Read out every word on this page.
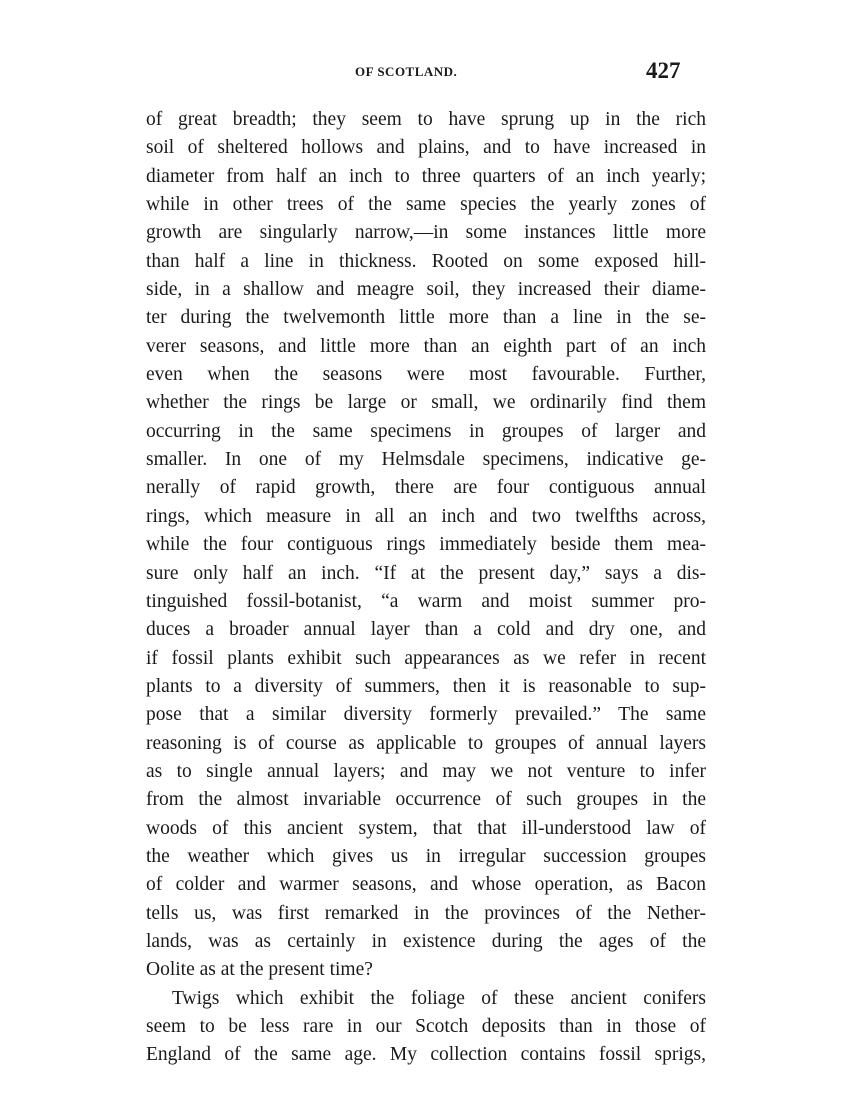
OF SCOTLAND.	427
of great breadth; they seem to have sprung up in the rich
soil of sheltered hollows and plains, and to have increased in
diameter from half an inch to three quarters of an inch yearly;
while in other trees of the same species the yearly zones of
growth are singularly narrow,—in some instances little more
than half a line in thickness. Rooted on some exposed hill-
side, in a shallow and meagre soil, they increased their diame-
ter during the twelvemonth little more than a line in the se-
verer seasons, and little more than an eighth part of an inch
even when the seasons were most favourable. Further,
whether the rings be large or small, we ordinarily find them
occurring in the same specimens in groupes of larger and
smaller. In one of my Helmsdale specimens, indicative ge-
nerally of rapid growth, there are four contiguous annual
rings, which measure in all an inch and two twelfths across,
while the four contiguous rings immediately beside them mea-
sure only half an inch. “If at the present day,” says a dis-
tinguished fossil-botanist, “a warm and moist summer pro-
duces a broader annual layer than a cold and dry one, and
if fossil plants exhibit such appearances as we refer in recent
plants to a diversity of summers, then it is reasonable to sup-
pose that a similar diversity formerly prevailed.” The same
reasoning is of course as applicable to groupes of annual layers
as to single annual layers; and may we not venture to infer
from the almost invariable occurrence of such groupes in the
woods of this ancient system, that that ill-understood law of
the weather which gives us in irregular succession groupes
of colder and warmer seasons, and whose operation, as Bacon
tells us, was first remarked in the provinces of the Nether-
lands, was as certainly in existence during the ages of the
Oolite as at the present time?
Twigs which exhibit the foliage of these ancient conifers
seem to be less rare in our Scotch deposits than in those of
England of the same age. My collection contains fossil sprigs,
